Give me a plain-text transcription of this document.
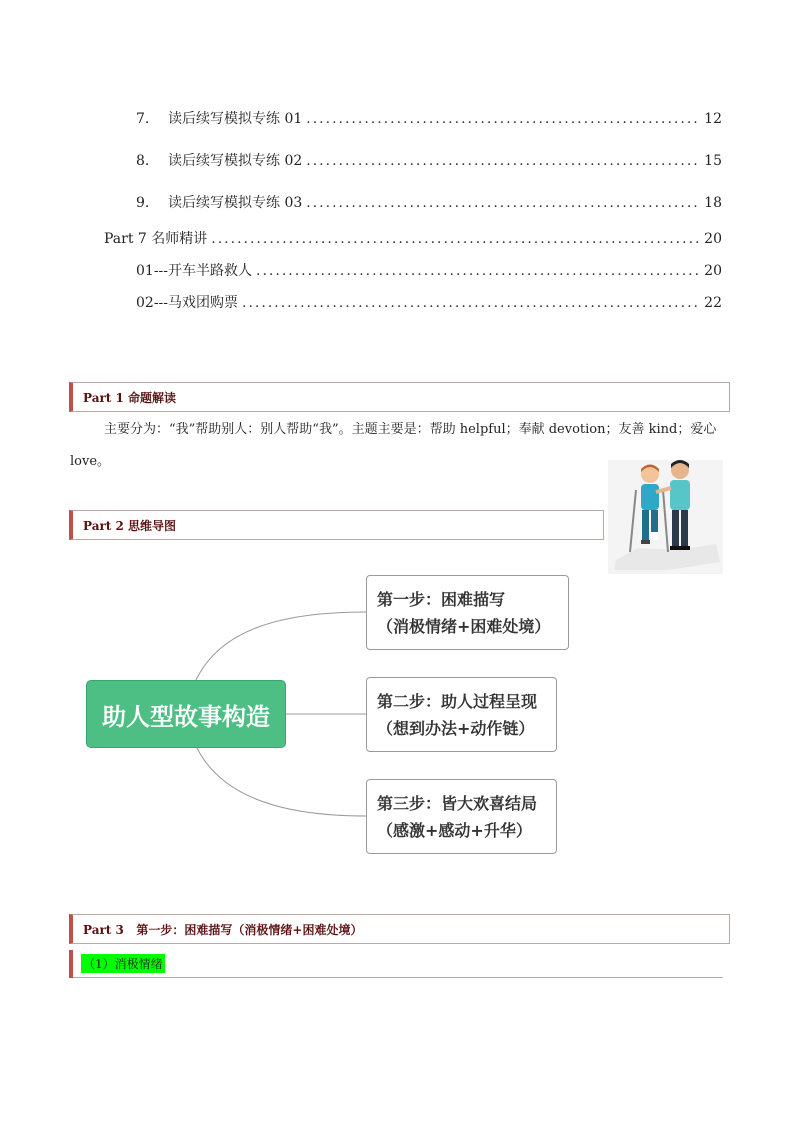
7.	读后续写模拟专练 01 .....	12
8.	读后续写模拟专练 02 .....	15
9.	读后续写模拟专练 03 .....	18
Part 7 名师精讲 .....	20
01---开车半路救人 .....	20
02---马戏团购票 .....	22
Part 1 命题解读
主要分为：“我”帮助别人：别人帮助“我”。主题主要是：帮助 helpful；奉献 devotion；友善 kind；爱心
love。
Part 2 思维导图
助人型故事构造
第一步：困难描写
（消极情绪+困难处境）
第二步：助人过程呈现
（想到办法+动作链）
第三步：皆大欢喜结局
（感激+感动+升华）
Part 3   第一步：困难描写（消极情绪+困难处境）
（1）消极情绪
